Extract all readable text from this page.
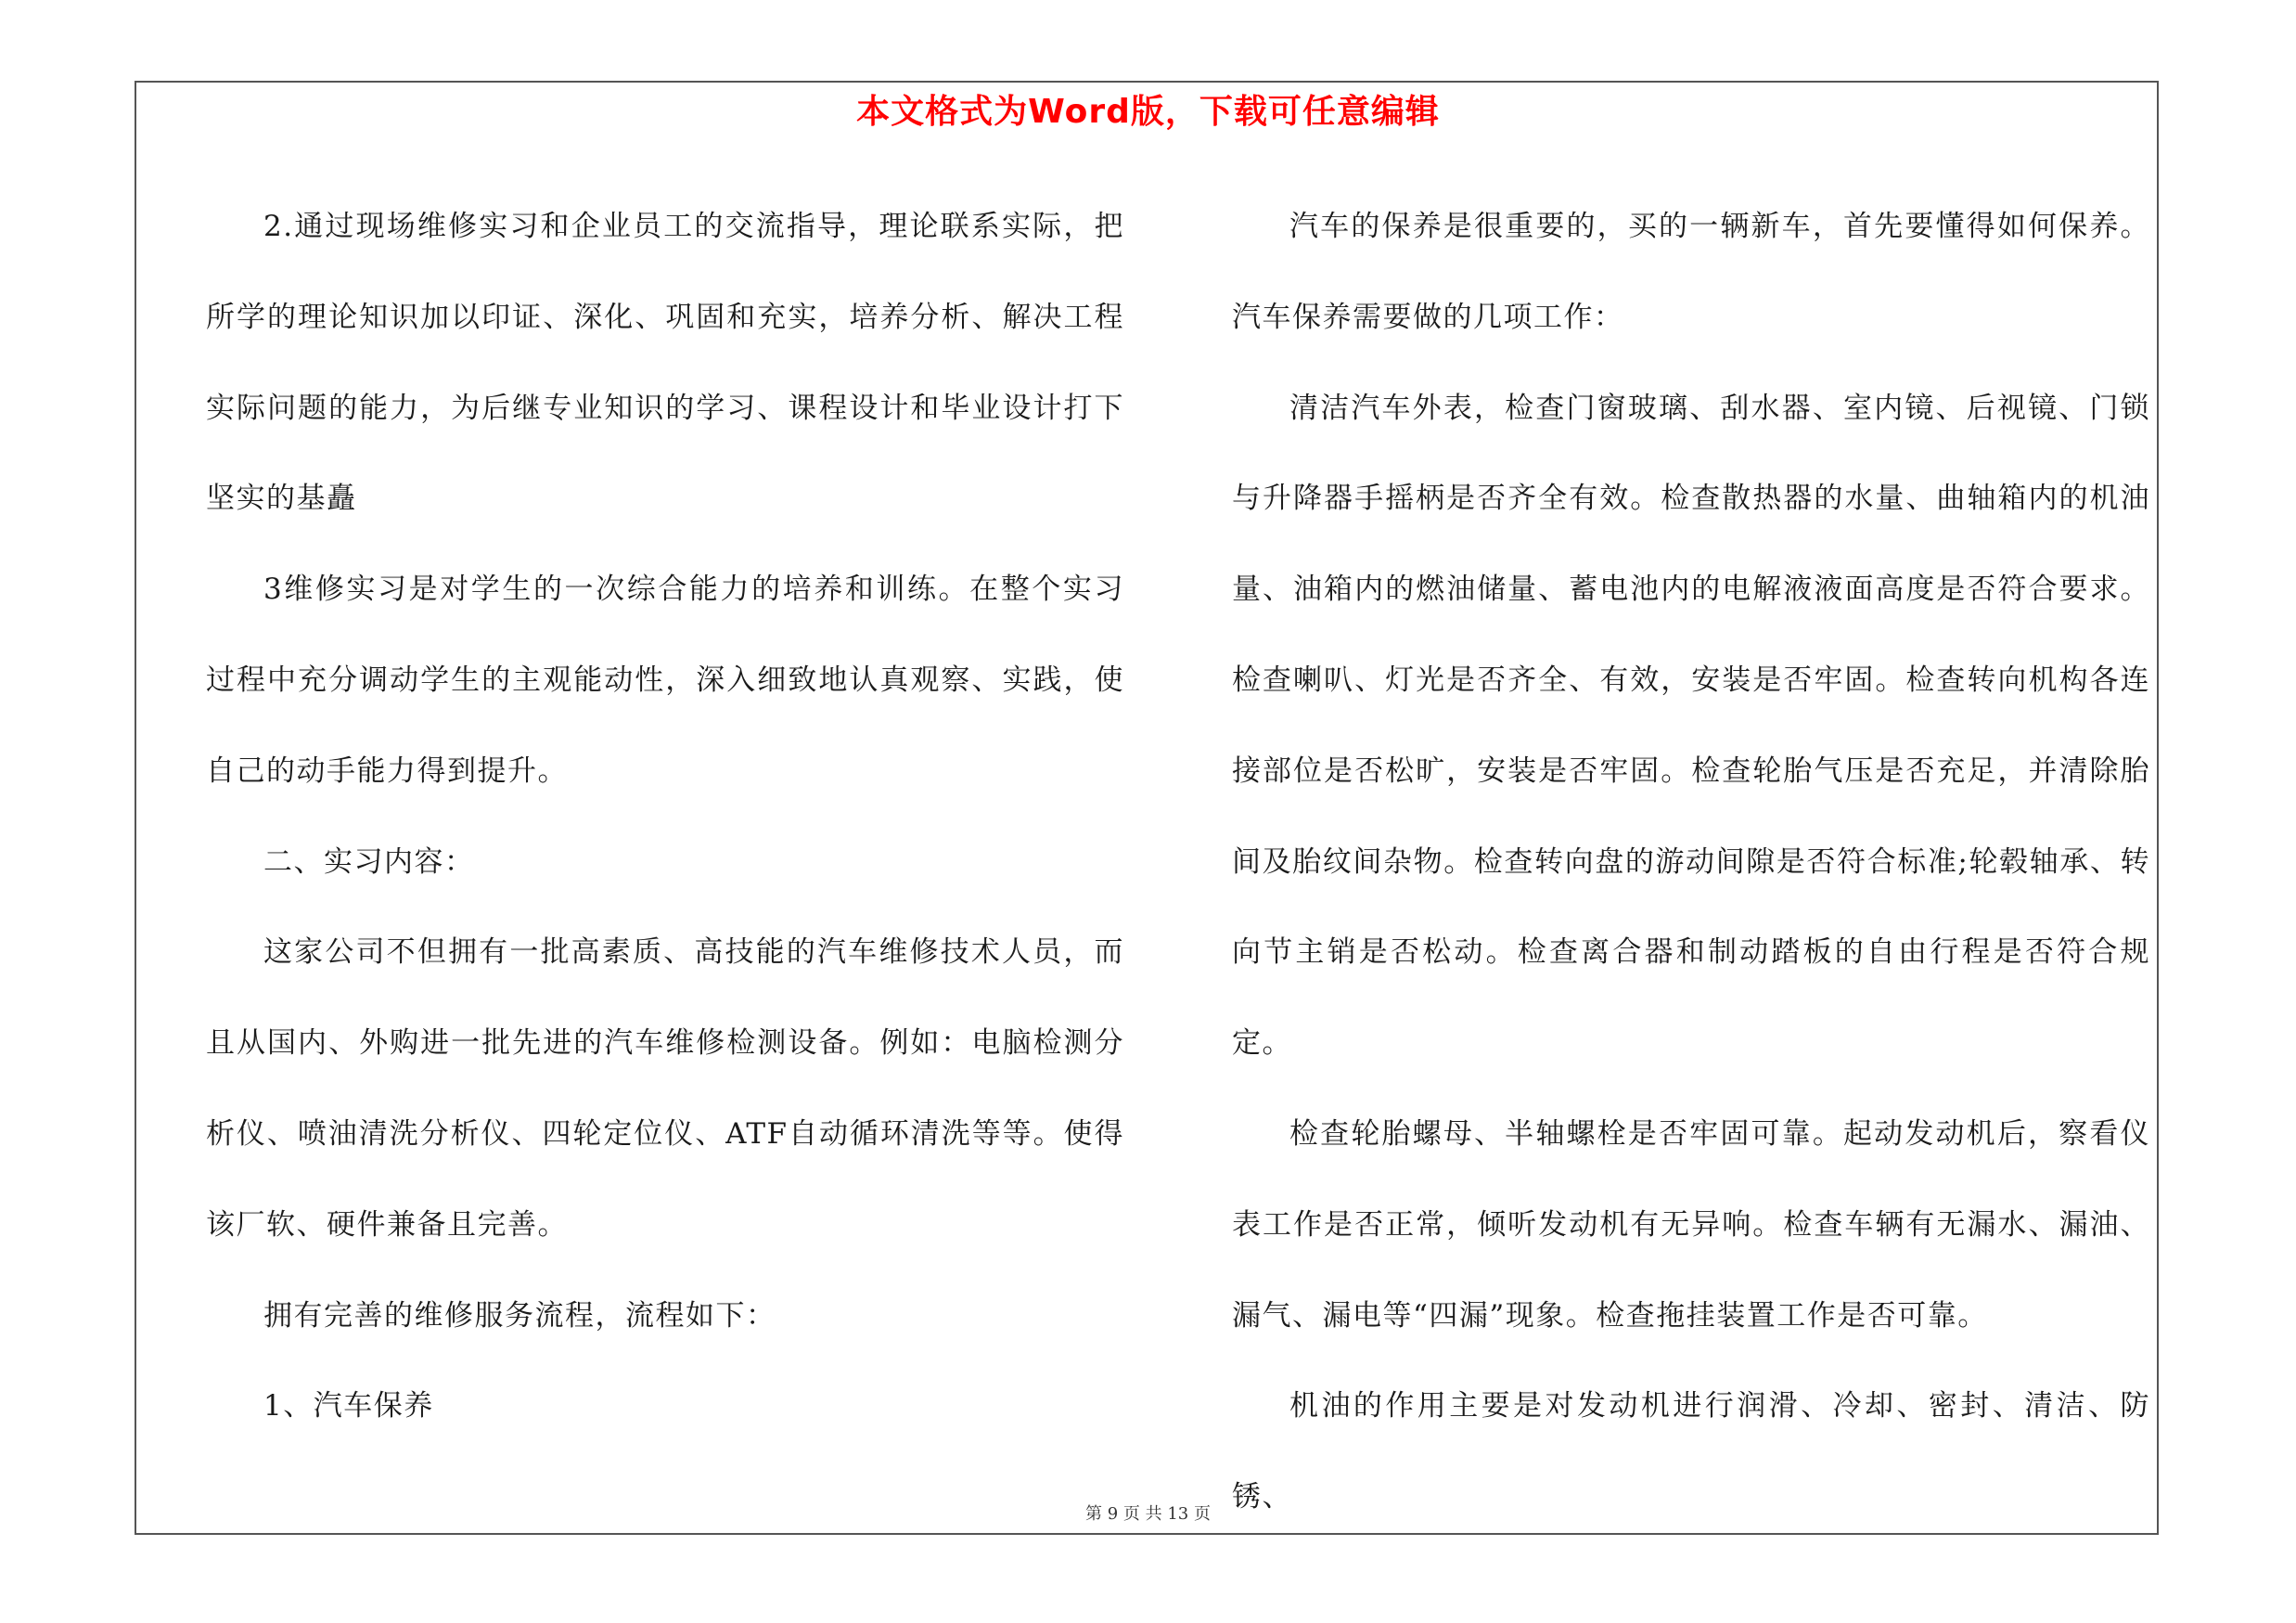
本文格式为Word版，下载可任意编辑

2.通过现场维修实习和企业员工的交流指导，理论联系实际，把所学的理论知识加以印证、深化、巩固和充实，培养分析、解决工程实际问题的能力，为后继专业知识的学习、课程设计和毕业设计打下坚实的基矗

3维修实习是对学生的一次综合能力的培养和训练。在整个实习过程中充分调动学生的主观能动性，深入细致地认真观察、实践，使自己的动手能力得到提升。

二、实习内容：

这家公司不但拥有一批高素质、高技能的汽车维修技术人员，而且从国内、外购进一批先进的汽车维修检测设备。例如：电脑检测分析仪、喷油清洗分析仪、四轮定位仪、ATF自动循环清洗等等。使得该厂软、硬件兼备且完善。

拥有完善的维修服务流程，流程如下：

1、汽车保养

汽车的保养是很重要的，买的一辆新车，首先要懂得如何保养。汽车保养需要做的几项工作：

清洁汽车外表，检查门窗玻璃、刮水器、室内镜、后视镜、门锁与升降器手摇柄是否齐全有效。检查散热器的水量、曲轴箱内的机油量、油箱内的燃油储量、蓄电池内的电解液液面高度是否符合要求。检查喇叭、灯光是否齐全、有效，安装是否牢固。检查转向机构各连接部位是否松旷，安装是否牢固。检查轮胎气压是否充足，并清除胎间及胎纹间杂物。检查转向盘的游动间隙是否符合标准;轮毂轴承、转向节主销是否松动。检查离合器和制动踏板的自由行程是否符合规定。

检查轮胎螺母、半轴螺栓是否牢固可靠。起动发动机后，察看仪表工作是否正常，倾听发动机有无异响。检查车辆有无漏水、漏油、漏气、漏电等“四漏”现象。检查拖挂装置工作是否可靠。

机油的作用主要是对发动机进行润滑、冷却、密封、清洁、防锈、

第 9 页 共 13 页
